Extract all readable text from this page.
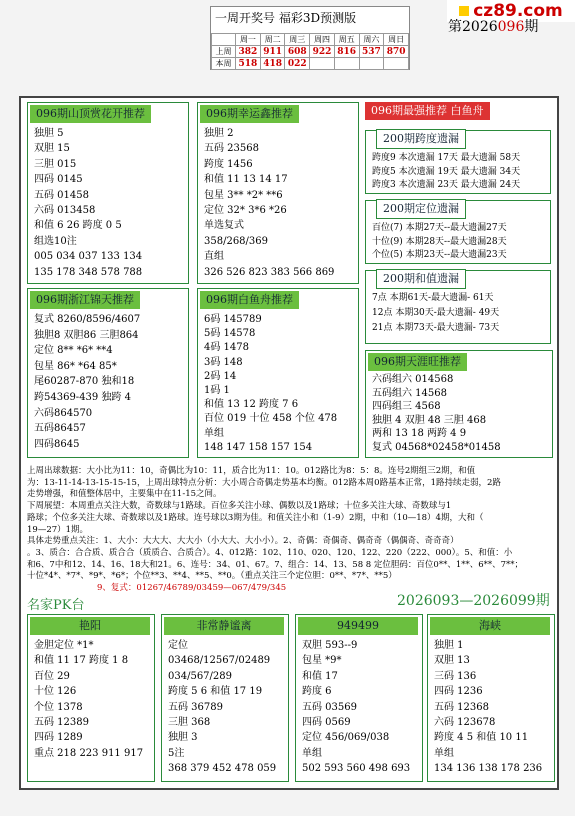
cz89.com
一周开奖号 福彩3D预测版
	周一	周二	周三	周四	周五	周六	周日
上周	382	911	608	922	816	537	870
本周	518	418	022				
第2026096期
096期山顶赏花开推荐
独胆 5
双胆 15
三胆 015
四码 0145
五码 01458
六码 013458
和值 6 26 跨度 0 5
组选10注
005 034 037 133 134
135 178 348 578 788
096期幸运鑫推荐
独胆 2
五码 23568
跨度 1456
和值 11 13 14 17
包星 3** *2* **6
定位 32* 3*6 *26
单选复式
358/268/369
直组
326 526 823 383 566 869
096期最强推荐 白鱼舟
200期跨度遗漏
跨度9 本次遗漏 17天 最大遗漏 58天
跨度5 本次遗漏 19天 最大遗漏 34天
跨度3 本次遗漏 23天 最大遗漏 24天
200期定位遗漏
百位(7) 本期27天--最大遗漏27天
十位(9) 本期28天--最大遗漏28天
个位(5) 本期23天--最大遗漏23天
200期和值遗漏
7点 本期61天-最大遗漏- 61天
12点 本期30天-最大遗漏- 49天
21点 本期73天-最大遗漏- 73天
096期浙江锦天推荐
复式 8260/8596/4607
独胆8 双胆86 三胆864
定位 8** *6* **4
包星 86* *64 85*
尾60287-870 独和18
跨54369-439 独跨 4
六码864570
五码86457
四码8645
096期白鱼舟推荐
6码 145789
5码 14578
4码 1478
3码 148
2码 14
1码 1
和值 13 12 跨度 7 6
百位 019 十位 458 个位 478
单组
148 147 158 157 154
096期天涯旺推荐
六码组六 014568
五码组六 14568
四码组三 4568
独胆 4 双胆 48 三胆 468
两和 13 18 两跨 4 9
复式 04568*02458*01458
上周出球数据：大小比为11：10，奇偶比为10：11，质合比为11：10。012路比为8：5：8。连号2期组三2期，和值
为：13-11-14-13-15-15-15，上周出球特点分析：大小周合奇偶走势基本均衡。012路本周0路基本正常，1路持续走弱，2路
走势增强，和值整体居中，主要集中在11-15之间。
下周展望：本周重点关注大数，奇数球与1路球。百位多关注小球、偶数以及1路球；十位多关注大球、奇数球与1
路球；个位多关注大球、奇数球以及1路球。连号球以3期为佳。和值关注小和（1-9）2期，中和（10—18）4期，大和（
19—27）1期。
具体走势重点关注：1、大小：大大大、大大小（小大大、大小小）。2、奇偶：奇偶奇、偶奇奇（偶偶奇、奇奇奇）
。3、质合：合合质、质合合（质质合、合质合）。4、012路：102、110、020、120、122、220（222、000）。5、和值：小
和6、7中和12、14、16、18大和21。6、连号：34、01、67。7、组合：14、13、58 8 定位胆码：百位0**、1**、6**、7**；
十位*4*、*7*、*9*、*6*；个位**3、**4、**5、**0。（重点关注三个定位胆：0**、*7*、**5）
9、复式：01267/46789/03459—067/479/345
名家PK台	2026093—2026099期
艳阳
金胆定位 *1*
和值 11 17 跨度 1 8
百位 29
十位 126
个位 1378
五码 12389
四码 1289
重点 218 223 911 917
非常静谧离
定位
03468/12567/02489
034/567/289
跨度 5 6 和值 17 19
五码 36789
三胆 368
独胆 3
5注
368 379 452 478 059
949499
双胆 593--9
包星 *9*
和值 17
跨度 6
五码 03569
四码 0569
定位 456/069/038
单组
502 593 560 498 693
海峡
独胆 1
双胆 13
三码 136
四码 1236
五码 12368
六码 123678
跨度 4 5 和值 10 11
单组
134 136 138 178 236
